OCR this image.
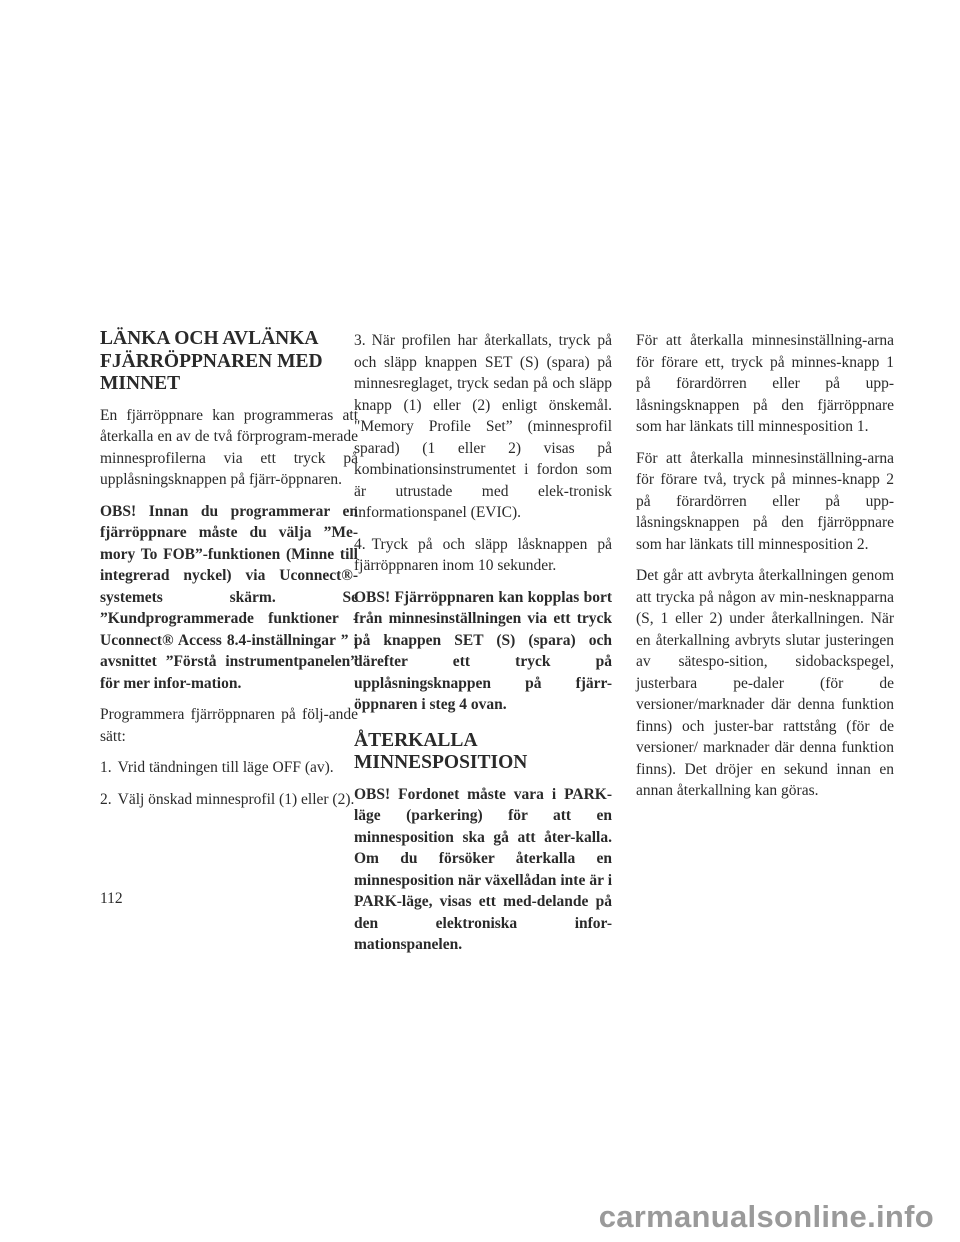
LÄNKA OCH AVLÄNKA FJÄRRÖPPNAREN MED MINNET

En fjärröppnare kan programmeras att återkalla en av de två förprogram-merade minnesprofilerna via ett tryck på upplåsningsknappen på fjärr-öppnaren.

OBS! Innan du programmerar en fjärröppnare måste du välja ”Me-mory To FOB”-funktionen (Minne till integrerad nyckel) via Uconnect®-systemets skärm. Se ”Kundprogrammerade funktioner - Uconnect® Access 8.4-inställningar ” i avsnittet ”Förstå instrumentpanelen” för mer infor-mation.

Programmera fjärröppnaren på följ-ande sätt:

1. Vrid tändningen till läge OFF (av).

2. Välj önskad minnesprofil (1) eller (2).

3. När profilen har återkallats, tryck på och släpp knappen SET (S) (spara) på minnesreglaget, tryck sedan på och släpp knapp (1) eller (2) enligt önskemål. "Memory Profile Set” (minnesprofil sparad) (1 eller 2) visas på kombinationsinstrumentet i fordon som är utrustade med elek-tronisk informationspanel (EVIC).

4. Tryck på och släpp låsknappen på fjärröppnaren inom 10 sekunder.

OBS! Fjärröppnaren kan kopplas bort från minnesinställningen via ett tryck på knappen SET (S) (spara) och därefter ett tryck på upplåsningsknappen på fjärr-öppnaren i steg 4 ovan.

ÅTERKALLA MINNESPOSITION

OBS! Fordonet måste vara i PARK-läge (parkering) för att en minnesposition ska gå att åter-kalla. Om du försöker återkalla en minnesposition när växellådan inte är i PARK-läge, visas ett med-delande på den elektroniska infor-mationspanelen.

För att återkalla minnesinställning-arna för förare ett, tryck på minnes-knapp 1 på förardörren eller på upp-låsningsknappen på den fjärröppnare som har länkats till minnesposition 1.

För att återkalla minnesinställning-arna för förare två, tryck på minnes-knapp 2 på förardörren eller på upp-låsningsknappen på den fjärröppnare som har länkats till minnesposition 2.

Det går att avbryta återkallningen genom att trycka på någon av min-nesknapparna (S, 1 eller 2) under återkallningen. När en återkallning avbryts slutar justeringen av sätespo-sition, sidobackspegel, justerbara pe-daler (för de versioner/marknader där denna funktion finns) och juster-bar rattstång (för de versioner/ marknader där denna funktion finns). Det dröjer en sekund innan en annan återkallning kan göras.

112
carmanualsonline.info
